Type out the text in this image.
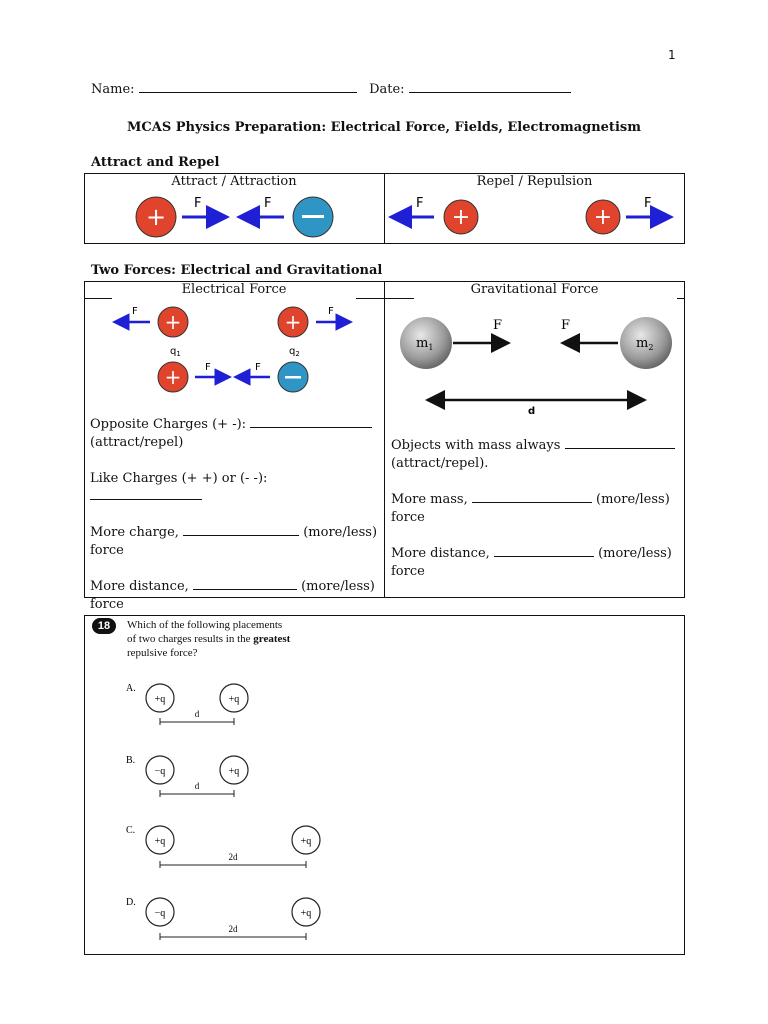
1
Name:	Date:
MCAS Physics Preparation: Electrical Force, Fields, Electromagnetism
Attract and Repel
Attract / Attraction	Repel / Repulsion
+ F	F	F
+	+
F
Two Forces: Electrical and Gravitational
Electrical Force	Gravitational Force
F +
$q_1$
+
$q_2$
F
+ F	F
$m_1$
F	F
$m_2$
d
Opposite Charges (+ -):
(attract/repel)
Like Charges (+ +) or (- -):
More charge,	(more/less)
force
More distance,	(more/less)
force
Objects with mass always
(attract/repel).
More mass,	(more/less)
force
More distance,	(more/less)
force
18	Which of the following placements
of two charges results in the greatest
repulsive force?
A.
+q	+q
d
B.
−q	+q
d
C.
+q	+q
2d
D.
−q	+q
2d
